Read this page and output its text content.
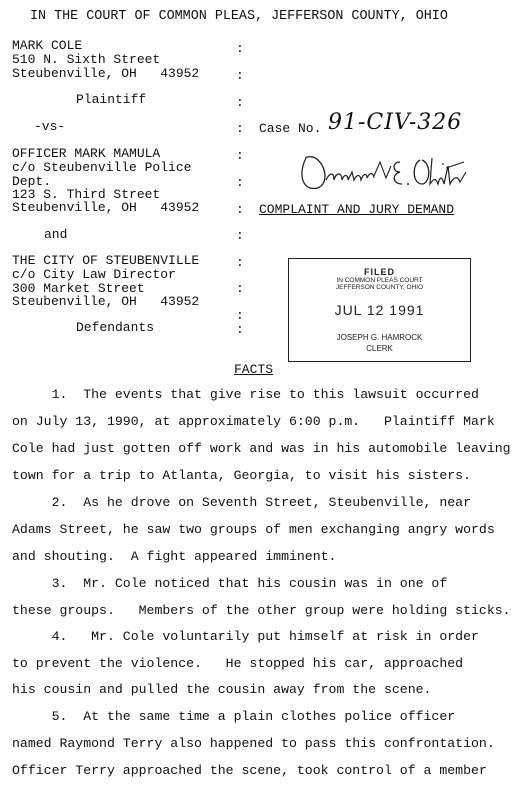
IN THE COURT OF COMMON PLEAS, JEFFERSON COUNTY, OHIO
MARK COLE
510 N. Sixth Street
Steubenville, OH   43952
Plaintiff
-vs-
OFFICER MARK MAMULA
c/o Steubenville Police
Dept.
123 S. Third Street
Steubenville, OH   43952
and
THE CITY OF STEUBENVILLE
c/o City Law Director
300 Market Street
Steubenville, OH   43952
Defendants
:
:
:
:
:
:
:
:
:
:
:
:
Case No. 91-CIV-326
COMPLAINT AND JURY DEMAND
FILED
IN COMMON PLEAS COURT
JEFFERSON COUNTY, OHIO
JUL 12 1991
JOSEPH G. HAMROCK
CLERK
FACTS
1.  The events that give rise to this lawsuit occurred
on July 13, 1990, at approximately 6:00 p.m.   Plaintiff Mark
Cole had just gotten off work and was in his automobile leaving
town for a trip to Atlanta, Georgia, to visit his sisters.
2.  As he drove on Seventh Street, Steubenville, near
Adams Street, he saw two groups of men exchanging angry words
and shouting.  A fight appeared imminent.
3.  Mr. Cole noticed that his cousin was in one of
these groups.   Members of the other group were holding sticks.
4.   Mr. Cole voluntarily put himself at risk in order
to prevent the violence.   He stopped his car, approached
his cousin and pulled the cousin away from the scene.
5.  At the same time a plain clothes police officer
named Raymond Terry also happened to pass this confrontation.
Officer Terry approached the scene, took control of a member
